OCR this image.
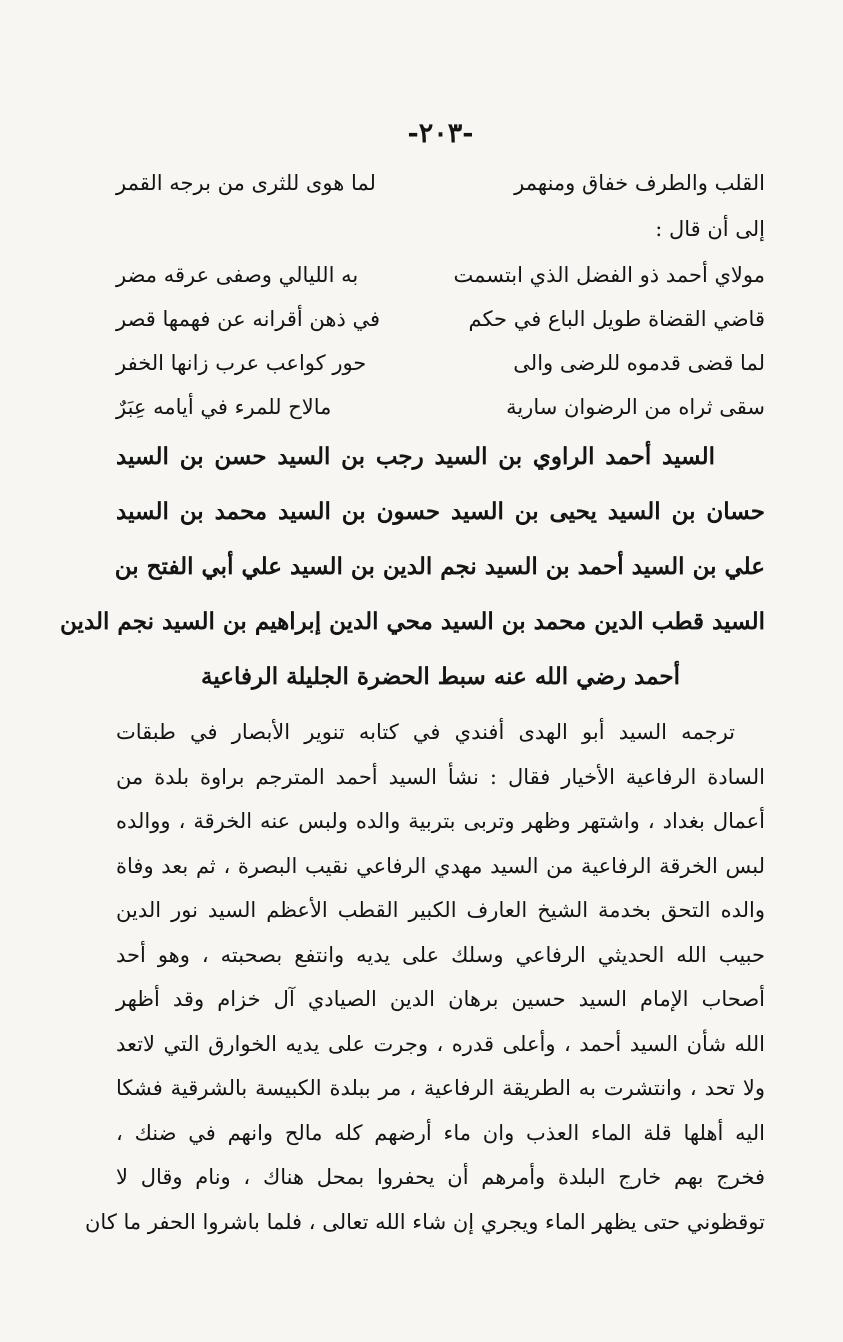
-٢٠٣-
القلب والطرف خفاق ومنهمر
لما هوى للثرى من برجه القمر
إلى أن قال :
مولاي أحمد ذو الفضل الذي ابتسمت
به الليالي وصفى عرقه مضر
قاضي القضاة طويل الباع في حكم
في ذهن أقرانه عن فهمها قصر
لما قضى قدموه للرضى والى
حور كواعب عرب زانها الخفر
سقى ثراه من الرضوان سارية
مالاح للمرء في أيامه عِبَرٌ
السيد أحمد الراوي بن السيد رجب بن السيد حسن بن السيد
حسان بن السيد يحيى بن السيد حسون بن السيد محمد بن السيد
علي بن السيد أحمد بن السيد نجم الدين بن السيد علي أبي الفتح بن
السيد قطب الدين محمد بن السيد محي الدين إبراهيم بن السيد نجم الدين
أحمد رضي الله عنه سبط الحضرة الجليلة الرفاعية
ترجمه السيد أبو الهدى أفندي في كتابه تنوير الأبصار في طبقات
السادة الرفاعية الأخيار فقال : نشأ السيد أحمد المترجم براوة بلدة من
أعمال بغداد ، واشتهر وظهر وتربى بتربية والده ولبس عنه الخرقة ، ووالده
لبس الخرقة الرفاعية من السيد مهدي الرفاعي نقيب البصرة ، ثم بعد وفاة
والده التحق بخدمة الشيخ العارف الكبير القطب الأعظم السيد نور الدين
حبيب الله الحديثي الرفاعي وسلك على يديه وانتفع بصحبته ، وهو أحد
أصحاب الإمام السيد حسين برهان الدين الصيادي آل خزام وقد أظهر
الله شأن السيد أحمد ، وأعلى قدره ، وجرت على يديه الخوارق التي لاتعد
ولا تحد ، وانتشرت به الطريقة الرفاعية ، مر ببلدة الكبيسة بالشرقية فشكا
اليه أهلها قلة الماء العذب وان ماء أرضهم كله مالح وانهم في ضنك ،
فخرج بهم خارج البلدة وأمرهم أن يحفروا بمحل هناك ، ونام وقال لا
توقظوني حتى يظهر الماء ويجري إن شاء الله تعالى ، فلما باشروا الحفر ما كان
